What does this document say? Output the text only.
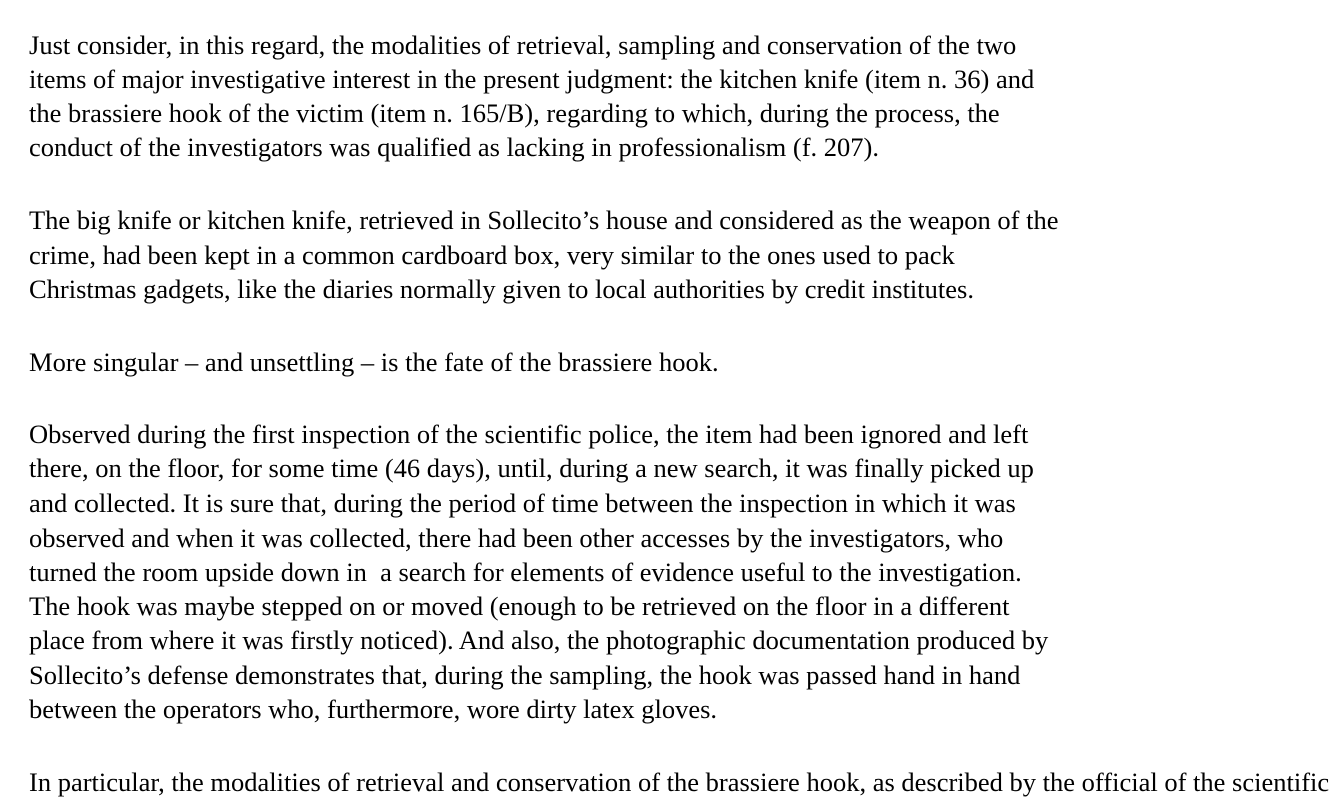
Just consider, in this regard, the modalities of retrieval, sampling and conservation of the two
items of major investigative interest in the present judgment: the kitchen knife (item n. 36) and
the brassiere hook of the victim (item n. 165/B), regarding to which, during the process, the
conduct of the investigators was qualified as lacking in professionalism (f. 207).
The big knife or kitchen knife, retrieved in Sollecito’s house and considered as the weapon of the
crime, had been kept in a common cardboard box, very similar to the ones used to pack
Christmas gadgets, like the diaries normally given to local authorities by credit institutes.
More singular – and unsettling – is the fate of the brassiere hook.
Observed during the first inspection of the scientific police, the item had been ignored and left
there, on the floor, for some time (46 days), until, during a new search, it was finally picked up
and collected. It is sure that, during the period of time between the inspection in which it was
observed and when it was collected, there had been other accesses by the investigators, who
turned the room upside down in  a search for elements of evidence useful to the investigation.
The hook was maybe stepped on or moved (enough to be retrieved on the floor in a different
place from where it was firstly noticed). And also, the photographic documentation produced by
Sollecito’s defense demonstrates that, during the sampling, the hook was passed hand in hand
between the operators who, furthermore, wore dirty latex gloves.
In particular, the modalities of retrieval and conservation of the brassiere hook, as described by the official of the scientific
